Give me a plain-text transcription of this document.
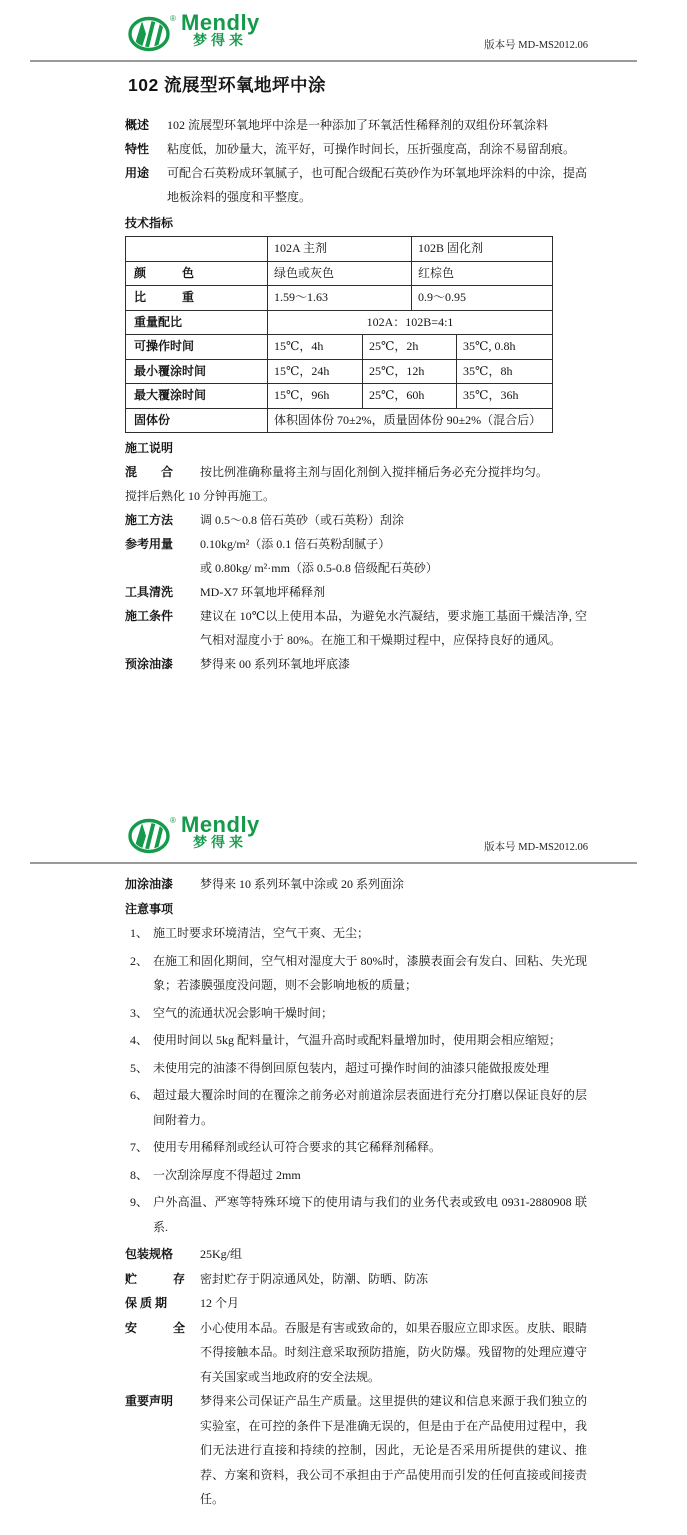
® Mendly
梦得来	版本号 MD-MS2012.06
102 流展型环氧地坪中涂
概述	102 流展型环氧地坪中涂是一种添加了环氧活性稀释剂的双组份环氧涂料
特性	粘度低，加砂量大，流平好，可操作时间长，压折强度高，刮涂不易留刮痕。
用途	可配合石英粉成环氧腻子，也可配合级配石英砂作为环氧地坪涂料的中涂，提高地板涂料的强度和平整度。
技术指标
	102A 主剂		102B 固化剂	
颜　　　色	绿色或灰色		红棕色	
比　　　重	1.59～1.63		0.9～0.95	
重量配比	102A：102B=4:1			
可操作时间	15℃，4h	25℃，2h		35℃, 0.8h
最小覆涂时间	15℃，24h	25℃，12h		35℃，8h
最大覆涂时间	15℃，96h	25℃，60h		35℃，36h
固体份	体积固体份 70±2%，质量固体份 90±2%（混合后）			
施工说明
混　　合	按比例准确称量将主剂与固化剂倒入搅拌桶后务必充分搅拌均匀。
搅拌后熟化 10 分钟再施工。
施工方法	调 0.5～0.8 倍石英砂（或石英粉）刮涂
参考用量	0.10kg/m²（添 0.1 倍石英粉刮腻子）
或 0.80kg/ m²·mm（添 0.5-0.8 倍级配石英砂）
工具清洗	MD-X7 环氧地坪稀释剂
施工条件	建议在 10℃以上使用本品，为避免水汽凝结，要求施工基面干燥洁净, 空气相对湿度小于 80%。在施工和干燥期过程中，应保持良好的通风。
预涂油漆	梦得来 00 系列环氧地坪底漆
® Mendly
梦得来	版本号 MD-MS2012.06
加涂油漆	梦得来 10 系列环氧中涂或 20 系列面涂
注意事项
1、 施工时要求环境清洁，空气干爽、无尘；
2、 在施工和固化期间，空气相对湿度大于 80%时，漆膜表面会有发白、回粘、失光现象；若漆膜强度没问题，则不会影响地板的质量；
3、 空气的流通状况会影响干燥时间；
4、 使用时间以 5kg 配料量计，气温升高时或配料量增加时，使用期会相应缩短；
5、 未使用完的油漆不得倒回原包装内，超过可操作时间的油漆只能做报废处理
6、 超过最大覆涂时间的在覆涂之前务必对前道涂层表面进行充分打磨以保证良好的层间附着力。
7、 使用专用稀释剂或经认可符合要求的其它稀释剂稀释。
8、 一次刮涂厚度不得超过 2mm
9、 户外高温、严寒等特殊环境下的使用请与我们的业务代表或致电 0931-2880908 联系.
包装规格	25Kg/组
贮　　　存	密封贮存于阴凉通风处，防潮、防晒、防冻
保 质 期	12 个月
安　　　全	小心使用本品。吞服是有害或致命的，如果吞服应立即求医。皮肤、眼睛不得接触本品。时刻注意采取预防措施，防火防爆。残留物的处理应遵守有关国家或当地政府的安全法规。
重要声明	梦得来公司保证产品生产质量。这里提供的建议和信息来源于我们独立的实验室，在可控的条件下是准确无误的，但是由于在产品使用过程中，我们无法进行直接和持续的控制，因此，无论是否采用所提供的建议、推荐、方案和资料，我公司不承担由于产品使用而引发的任何直接或间接责任。
